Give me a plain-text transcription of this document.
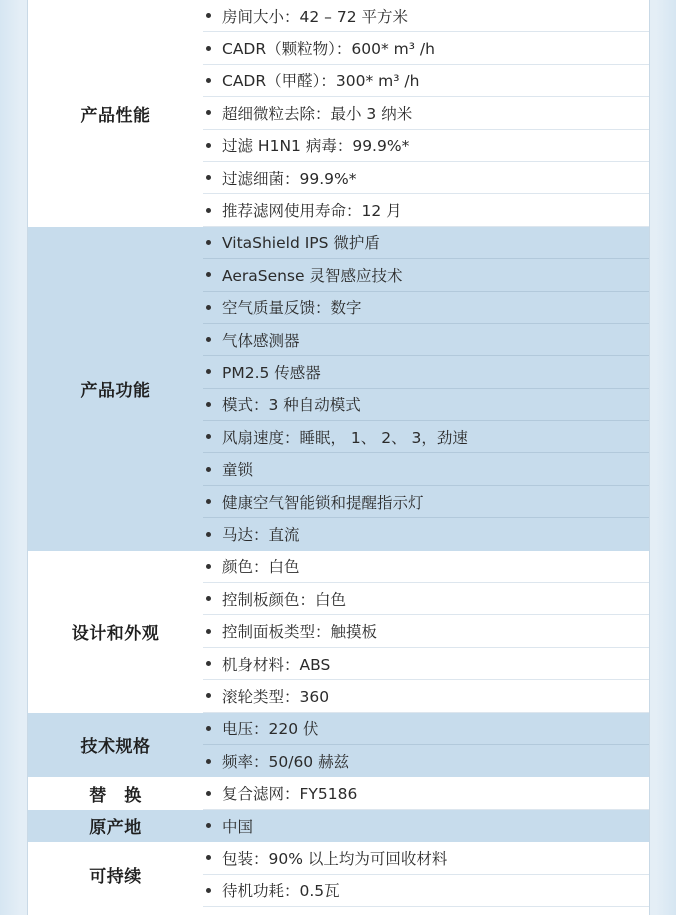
产品性能
房间大小：42 – 72 平方米
CADR（颗粒物）：600* m³ /h
CADR（甲醛）：300* m³ /h
超细微粒去除：最小 3 纳米
过滤 H1N1 病毒：99.9%*
过滤细菌：99.9%*
推荐滤网使用寿命：12 月
产品功能
VitaShield IPS 微护盾
AeraSense 灵智感应技术
空气质量反馈：数字
气体感测器
PM2.5 传感器
模式：3 种自动模式
风扇速度：睡眠， 1、 2、 3，劲速
童锁
健康空气智能锁和提醒指示灯
马达：直流
设计和外观
颜色：白色
控制板颜色：白色
控制面板类型：触摸板
机身材料：ABS
滚轮类型：360
技术规格
电压：220 伏
频率：50/60 赫兹
替　换	复合滤网：FY5186
原产地	中国
可持续
包装：90% 以上均为可回收材料
待机功耗：0.5瓦
